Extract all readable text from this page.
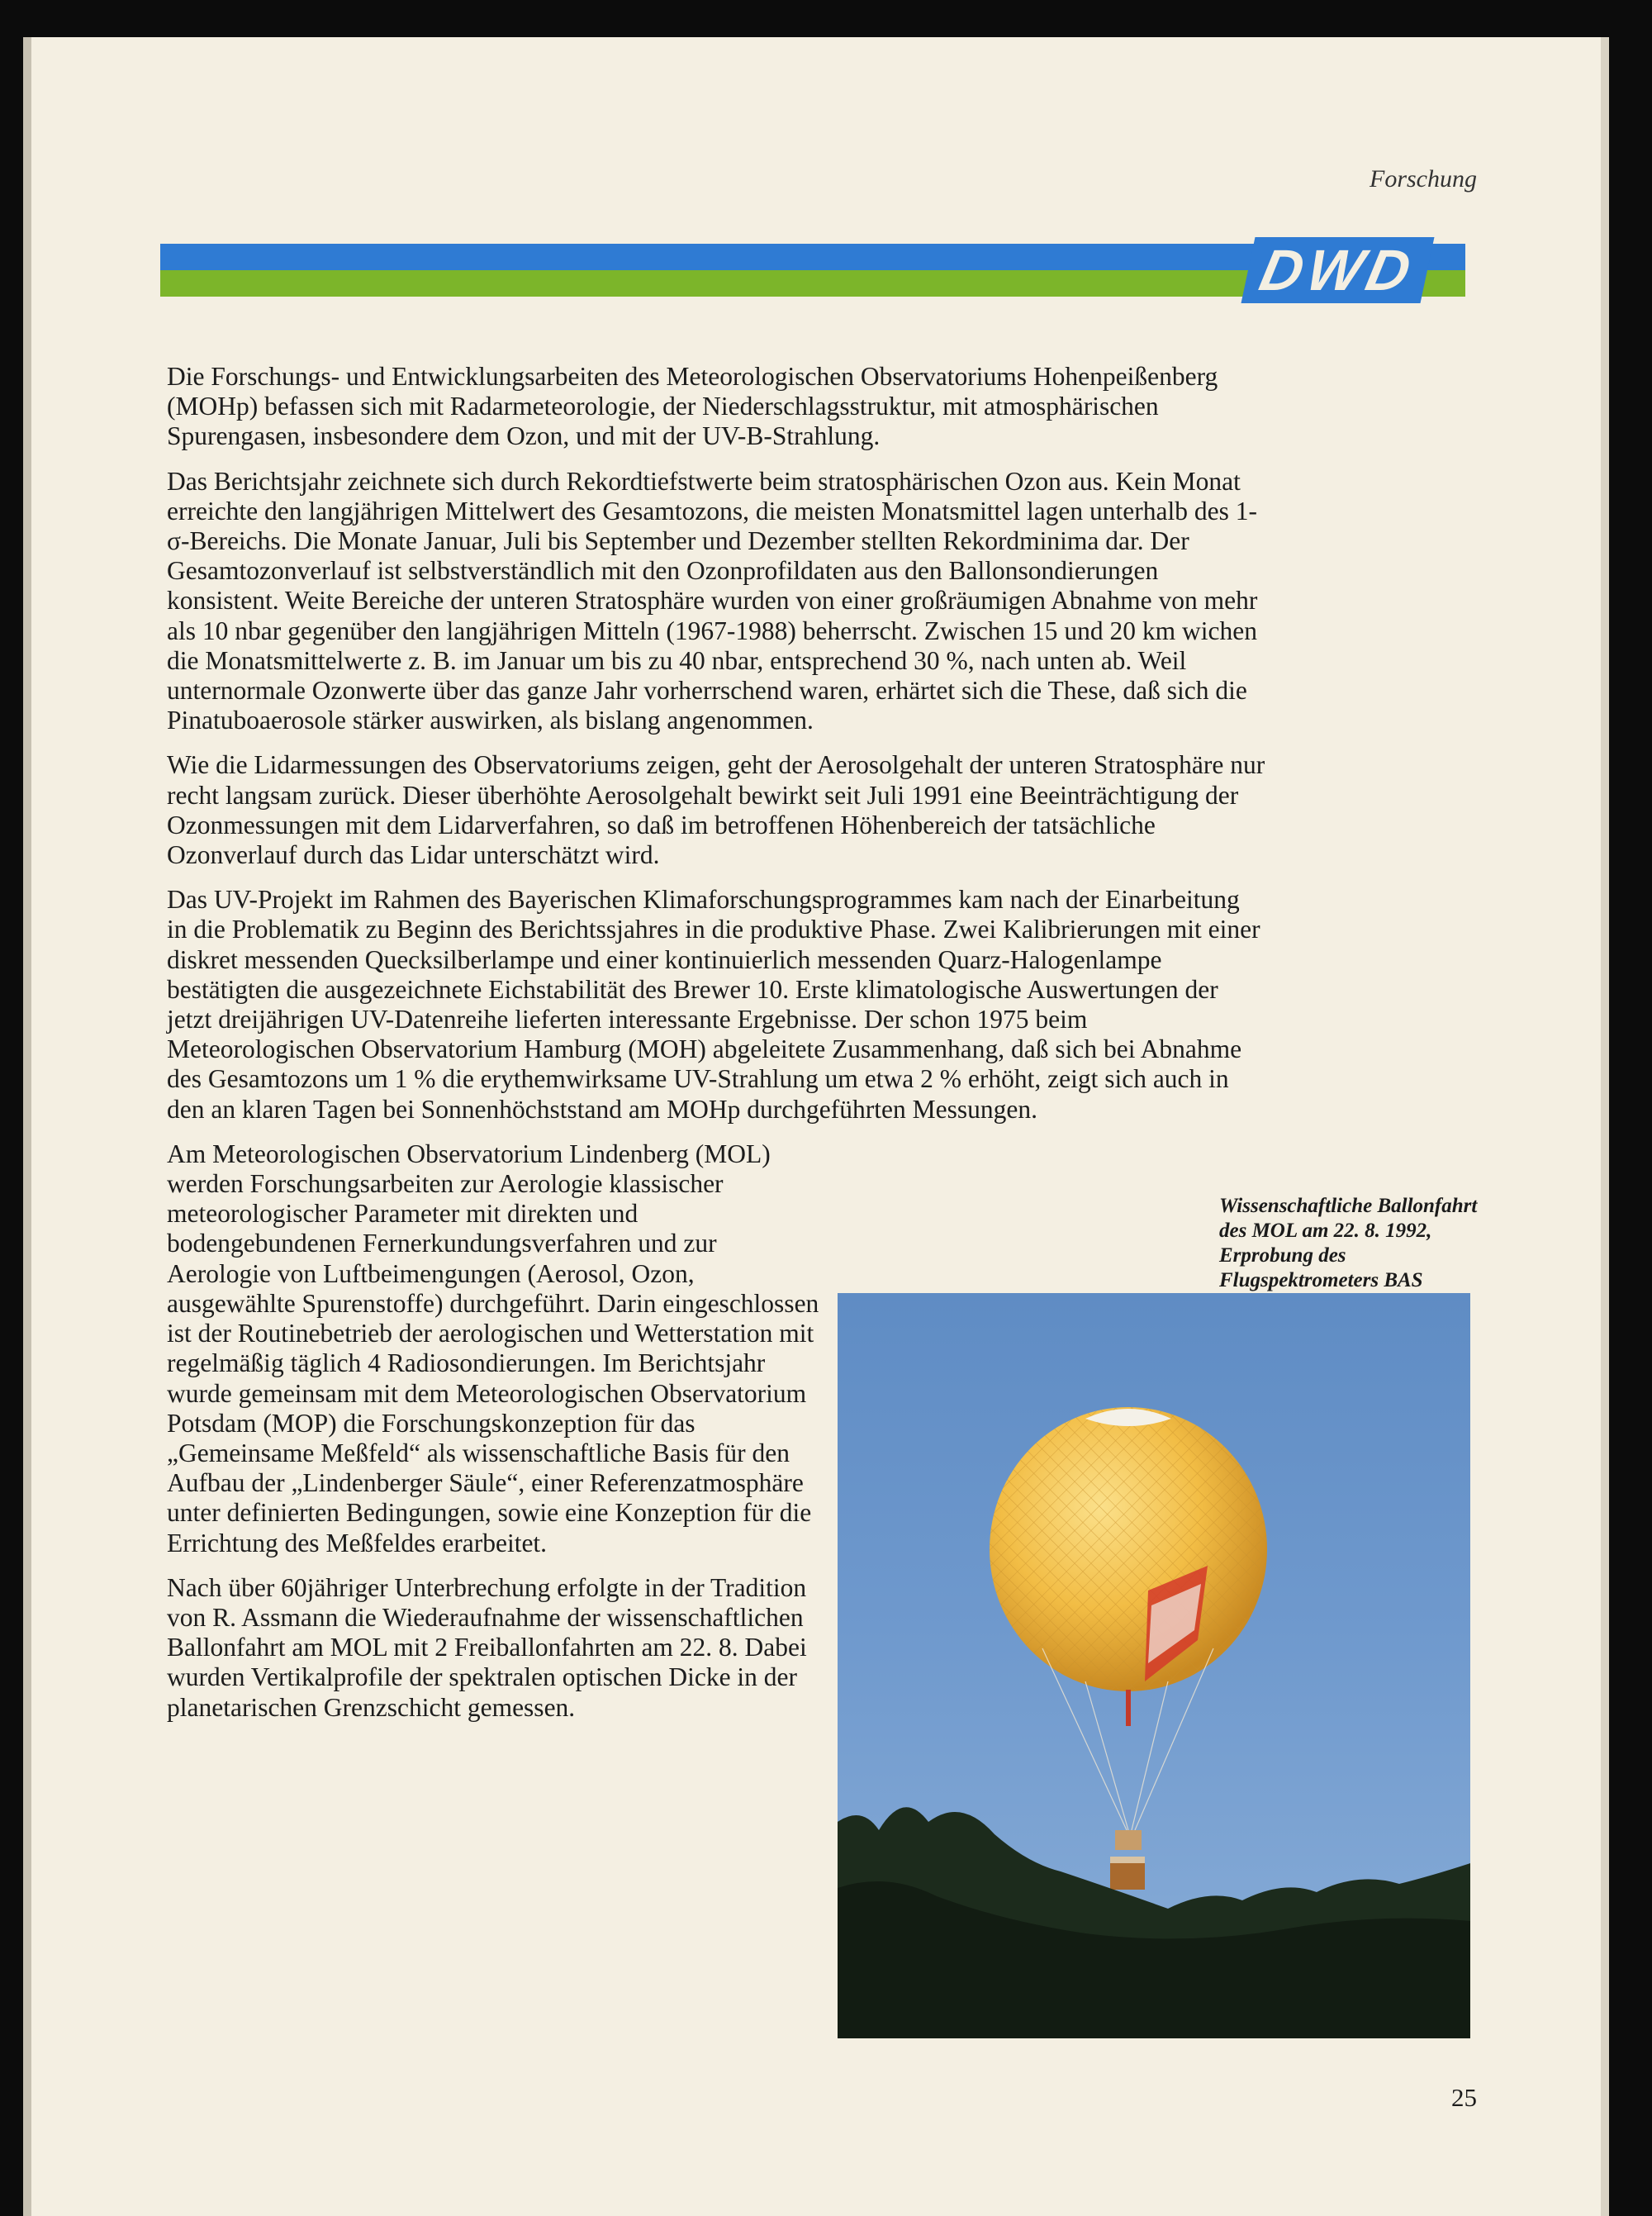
Forschung

DWD

Die Forschungs- und Entwicklungsarbeiten des Meteorologischen Observatoriums Hohenpeißenberg (MOHp) befassen sich mit Radarmeteorologie, der Niederschlagsstruktur, mit atmosphärischen Spurengasen, insbesondere dem Ozon, und mit der UV-B-Strahlung.

Das Berichtsjahr zeichnete sich durch Rekordtiefstwerte beim stratosphärischen Ozon aus. Kein Monat erreichte den langjährigen Mittelwert des Gesamtozons, die meisten Monatsmittel lagen unterhalb des 1-σ-Bereichs. Die Monate Januar, Juli bis September und Dezember stellten Rekordminima dar. Der Gesamtozonverlauf ist selbstverständlich mit den Ozonprofildaten aus den Ballonsondierungen konsistent. Weite Bereiche der unteren Stratosphäre wurden von einer großräumigen Abnahme von mehr als 10 nbar gegenüber den langjährigen Mitteln (1967-1988) beherrscht. Zwischen 15 und 20 km wichen die Monatsmittelwerte z. B. im Januar um bis zu 40 nbar, entsprechend 30 %, nach unten ab. Weil unternormale Ozonwerte über das ganze Jahr vorherrschend waren, erhärtet sich die These, daß sich die Pinatuboaerosole stärker auswirken, als bislang angenommen.

Wie die Lidarmessungen des Observatoriums zeigen, geht der Aerosolgehalt der unteren Stratosphäre nur recht langsam zurück. Dieser überhöhte Aerosolgehalt bewirkt seit Juli 1991 eine Beeinträchtigung der Ozonmessungen mit dem Lidarverfahren, so daß im betroffenen Höhenbereich der tatsächliche Ozonverlauf durch das Lidar unterschätzt wird.

Das UV-Projekt im Rahmen des Bayerischen Klimaforschungsprogrammes kam nach der Einarbeitung in die Problematik zu Beginn des Berichtssjahres in die produktive Phase. Zwei Kalibrierungen mit einer diskret messenden Quecksilberlampe und einer kontinuierlich messenden Quarz-Halogenlampe bestätigten die ausgezeichnete Eichstabilität des Brewer 10. Erste klimatologische Auswertungen der jetzt dreijährigen UV-Datenreihe lieferten interessante Ergebnisse. Der schon 1975 beim Meteorologischen Observatorium Hamburg (MOH) abgeleitete Zusammenhang, daß sich bei Abnahme des Gesamtozons um 1 % die erythemwirksame UV-Strahlung um etwa 2 % erhöht, zeigt sich auch in den an klaren Tagen bei Sonnenhöchststand am MOHp durchgeführten Messungen.

Am Meteorologischen Observatorium Lindenberg (MOL) werden Forschungsarbeiten zur Aerologie klassischer meteorologischer Parameter mit direkten und bodengebundenen Fernerkundungsverfahren und zur Aerologie von Luftbeimengungen (Aerosol, Ozon, ausgewählte Spurenstoffe) durchgeführt. Darin eingeschlossen ist der Routinebetrieb der aerologischen und Wetterstation mit regelmäßig täglich 4 Radiosondierungen. Im Berichtsjahr wurde gemeinsam mit dem Meteorologischen Observatorium Potsdam (MOP) die Forschungskonzeption für das „Gemeinsame Meßfeld“ als wissenschaftliche Basis für den Aufbau der „Lindenberger Säule“, einer Referenzatmosphäre unter definierten Bedingungen, sowie eine Konzeption für die Errichtung des Meßfeldes erarbeitet.

Nach über 60jähriger Unterbrechung erfolgte in der Tradition von R. Assmann die Wiederaufnahme der wissenschaftlichen Ballonfahrt am MOL mit 2 Freiballonfahrten am 22. 8. Dabei wurden Vertikalprofile der spektralen optischen Dicke in der planetarischen Grenzschicht gemessen.

Wissenschaftliche Ballonfahrt des MOL am 22. 8. 1992, Erprobung des Flugspektrometers BAS
25
